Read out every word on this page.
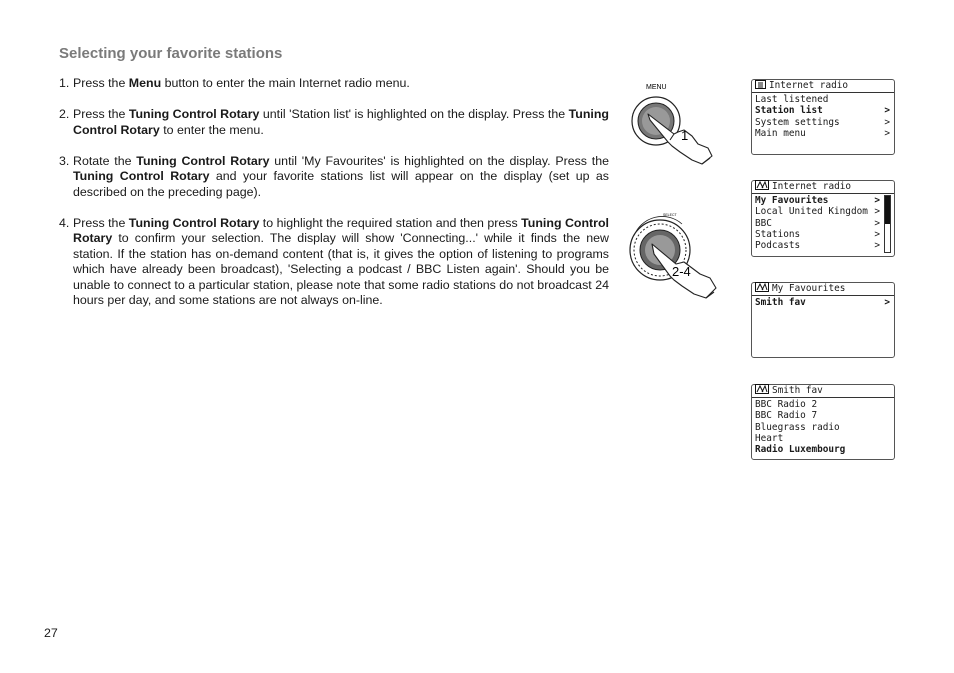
Selecting your favorite stations
1. Press the Menu button to enter the main Internet radio menu.
2. Press the Tuning Control Rotary until 'Station list' is highlighted on the display. Press the Tuning Control Rotary to enter the menu.
3. Rotate the Tuning Control Rotary until 'My Favourites' is highlighted on the display. Press the Tuning Control Rotary and your favorite stations list will appear on the display (set up as described on the preceding page).
4. Press the Tuning Control Rotary to highlight the required station and then press Tuning Control Rotary to confirm your selection. The display will show 'Connecting...' while it finds the new station. If the station has on-demand content (that is, it gives the option of listening to programs which have already been broadcast), 'Selecting a podcast / BBC Listen again'. Should you be unable to connect to a particular station, please note that some radio stations do not broadcast 24 hours per day, and some stations are not always on-line.
MENU
1
SELECT
2-4
Internet radio
Last listened
Station list	>
System settings	>
Main menu	>
Internet radio
My Favourites	>
Local United Kingdom >
BBC	>
Stations	>
Podcasts	>
My Favourites
Smith fav	>
Smith fav
BBC Radio 2
BBC Radio 7
Bluegrass radio
Heart
Radio Luxembourg
27
